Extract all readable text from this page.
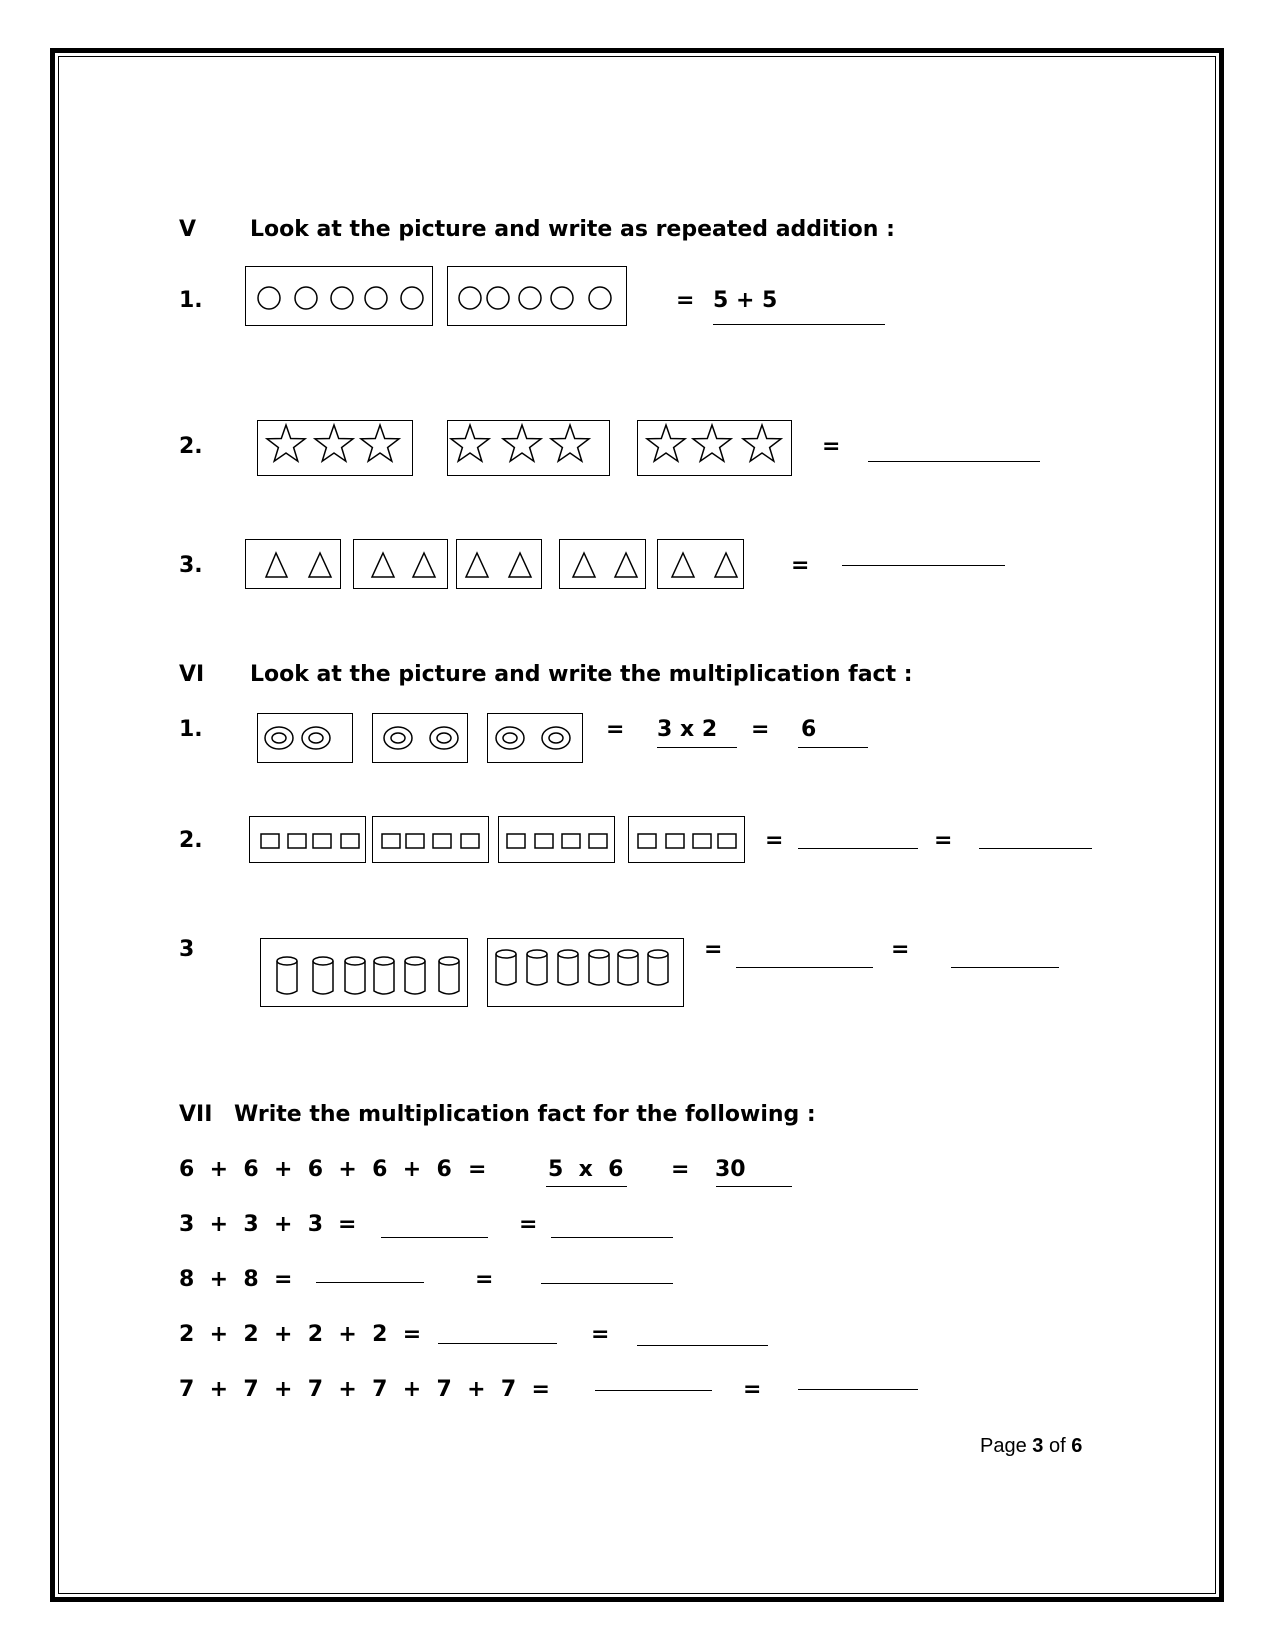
V Look at the picture and write as repeated addition :
1.	= 5 + 5
2.	=
3.	=
VI Look at the picture and write the multiplication fact :
1.	= 3 x 2 = 6
2.	=	=
3	=	=
VII Write the multiplication fact for the following :
6  +  6  +  6  +  6  +  6 =	5  x  6 = 30
3  +  3  +  3 =	=
8  +  8  =	=
2  +  2  +  2  +  2  =	=
7  +  7  +  7  +  7  +  7  +  7  =	=
Page 3 of 6
